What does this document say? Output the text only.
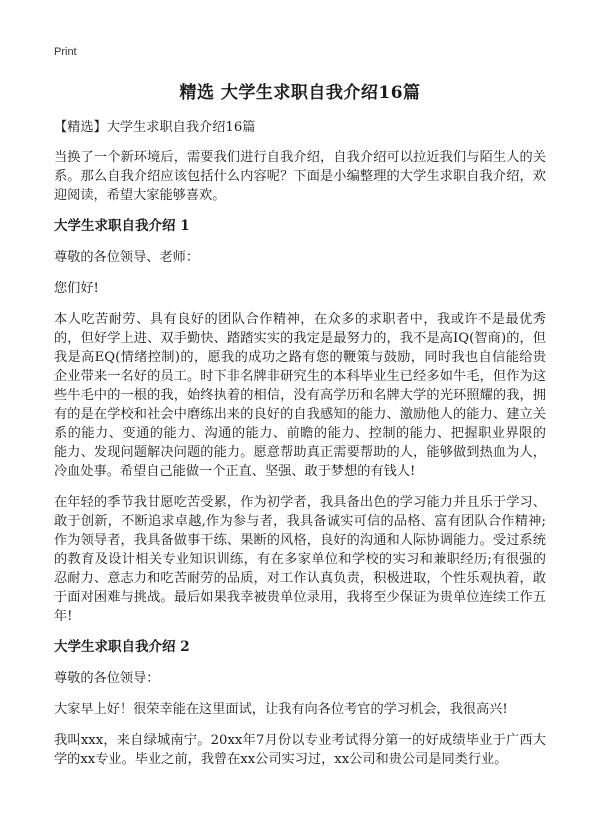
Print
精选 大学生求职自我介绍16篇

【精选】大学生求职自我介绍16篇

当换了一个新环境后，需要我们进行自我介绍，自我介绍可以拉近我们与陌生人的关系。那么自我介绍应该包括什么内容呢？下面是小编整理的大学生求职自我介绍，欢迎阅读，希望大家能够喜欢。

大学生求职自我介绍 1

尊敬的各位领导、老师：

您们好!

本人吃苦耐劳、具有良好的团队合作精神，在众多的求职者中，我或许不是最优秀的，但好学上进、双手勤快、踏踏实实的我定是最努力的，我不是高IQ(智商)的，但我是高EQ(情绪控制)的，愿我的成功之路有您的鞭策与鼓励，同时我也自信能给贵企业带来一名好的员工。时下非名牌非研究生的本科毕业生已经多如牛毛，但作为这些牛毛中的一根的我，始终执着的相信，没有高学历和名牌大学的光环照耀的我，拥有的是在学校和社会中磨练出来的良好的自我感知的能力、激励他人的能力、建立关系的能力、变通的能力、沟通的能力、前瞻的能力、控制的能力、把握职业界限的 能力、发现问题解决问题的能力。愿意帮助真正需要帮助的人，能够做到热血为人，冷血处事。希望自己能做一个正直、坚强、敢于梦想的有钱人!

在年轻的季节我甘愿吃苦受累，作为初学者，我具备出色的学习能力并且乐于学习、敢于创新，不断追求卓越,作为参与者，我具备诚实可信的品格、富有团队合作精神;作为领导者，我具备做事干练、果断的风格，良好的沟通和人际协调能力。受过系统的教育及设计相关专业知识训练，有在多家单位和学校的实习和兼职经历;有很强的忍耐力、意志力和吃苦耐劳的品质，对工作认真负责，积极进取，个性乐观执着，敢于面对困难与挑战。最后如果我幸被贵单位录用，我将至少保证为贵单位连续工作五年!

大学生求职自我介绍 2

尊敬的各位领导：

大家早上好！很荣幸能在这里面试，让我有向各位考官的学习机会，我很高兴!

我叫xxx，来自绿城南宁。20xx年7月份以专业考试得分第一的好成绩毕业于广西大学的xx专业。毕业之前，我曾在xx公司实习过，xx公司和贵公司是同类行业。
